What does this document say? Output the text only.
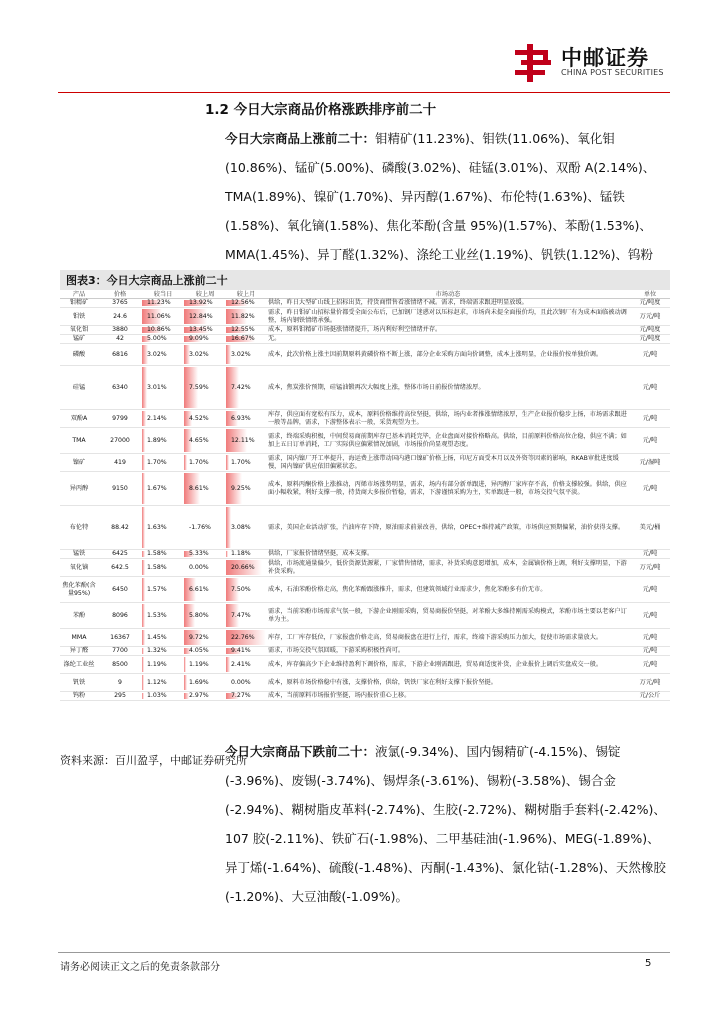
中邮证券
CHINA POST SECURITIES
1.2 今日大宗商品价格涨跌排序前二十
今日大宗商品上涨前二十：钼精矿(11.23%)、钼铁(11.06%)、氧化钼(10.86%)、锰矿(5.00%)、磷酸(3.02%)、硅锰(3.01%)、双酚 A(2.14%)、TMA(1.89%)、镍矿(1.70%)、异丙醇(1.67%)、布伦特(1.63%)、锰铁(1.58%)、氧化镝(1.58%)、焦化苯酚(含量 95%)(1.57%)、苯酚(1.53%)、MMA(1.45%)、异丁醛(1.32%)、涤纶工业丝(1.19%)、钒铁(1.12%)、钨粉
图表3：今日大宗商品上涨前二十
产品	价格	较当日	较上周	较上月	市场动态	单位
钼精矿	3765	11.23%	13.92%	12.56%	供给，昨日大型矿山线上招标出货，持货商惜售看涨情绪不减。需求，终端需求跟进明显放缓。	元/吨度
钼铁	24.6	11.06%	12.84%	11.82%	需求，昨日钼矿山招标量价都受全面公布后，已加钢厂迷惑对以压标赵求，市场尚未提全面报价均，且此次钢厂有为成本面临被动调整，场内钢铁情绪承强。	万元/吨
氧化钼	3880	10.86%	13.45%	12.55%	成本，原料钼精矿市场挺涨情绪提升，场内利好利空情绪并存。	元/吨度
锰矿	42	5.00%	9.09%	16.67%	无。	元/吨度
磷酸	6816	3.02%	3.02%	3.02%	成本，此次价格上涨主因前期原料黄磷价格不断上涨，部分企业采购方面向价调整，成本上涨明显，企业报价按单独价调。	元/吨
硅锰	6340	3.01%	7.59%	7.42%	成本，焦炭涨价预期，硅锰油锻再次大幅度上涨，整体市场日前报价情绪浓厚。	元/吨
双酚A	9799	2.14%	4.52%	6.93%	库存，供应面有宽松有压力，成本，原料价格维持高位坚挺，供给，场内业者推涨情绪浓厚，生产企业报价稳步上扬，市场需求跟进一般等品牌，需求，下游整体表示一般，采货观望为主。	元/吨
TMA	27000	1.89%	4.65%	12.11%	需求，终端采购积极，中间贸易商前期库存已基本消耗完毕，企业盘面对接价格略高。供给，目前原料价格高位企稳，供应不满；如加上五日订单消耗，工厂实际供应偏紧情况加剧，市场报价尚显观望态度。	元/吨
镍矿	419	1.70%	1.70%	1.70%	需求，国内镍厂开工率提升，海运费上涨带动国内港口镍矿价格上扬，印尼方面受本月以及外资等因素的影响，RKAB审批进度缓慢，国内镍矿供应依旧偏紧状态。	元/湿吨
异丙醇	9150	1.67%	8.61%	9.25%	成本，原料丙酮价格上涨推动，丙烯市场涨势明显，需求，场内有部分新单跟进，异丙醇厂家库存不高，价格支撑较强。供给，供应面小幅收紧，利好支撑一般，持货商大多报价暂稳，需求，下游谨慎采购为主，实单跟进一般，市场交投气氛平淡。	元/吨
布伦特	88.42	1.63%	-1.76%	3.08%	需求，美国企业活动扩张，汽油库存下降，原油需求前景改善，供给，OPEC+维持减产政策，市场供应预期偏紧，油价获得支撑。	美元/桶
锰铁	6425	1.58%	5.33%	1.18%	供给，厂家报价情绪坚挺，成本支撑。	元/吨
氧化镝	642.5	1.58%	0.00%	20.66%	供给，市场流通量偏少，低价货源货源紧，厂家惜售情绪，需求，补货采购意愿增加，成本，金属镝价格上调，利好支撑明显，下游补货采购。	万元/吨
焦化苯酚(含量95%)	6450	1.57%	6.61%	7.50%	成本，石油苯酚价格走高，焦化苯酚跟涨推升，需求，但建筑领域行业需求少，焦化苯酚多有价无市。	元/吨
苯酚	8096	1.53%	5.80%	7.47%	需求，当前苯酚市场需求气氛一般，下游企业刚需采购，贸易商报价坚挺，对苯酚大多维持刚需采购模式，苯酚市场主要以老客户订单为主。	元/吨
MMA	16367	1.45%	9.72%	22.76%	库存，工厂库存低位，厂家报盘价格走高，贸易商报盘在进行上行，需求，终端下游采购压力加大，促使市场需求量放大。	元/吨
异丁醛	7700	1.32%	4.05%	9.41%	需求，市场交投气氛回暖，下游采购积极性尚可。	元/吨
涤纶工业丝	8500	1.19%	1.19%	2.41%	成本，库存偏高少下企业维持盈利下调价格，需求，下游企业刚需跟进，贸易商适度补货，企业报价上调后实盘成交一般。	元/吨
钒铁	9	1.12%	1.69%	0.00%	成本，原料市场价格稳中有涨，支撑价格，供给，钒铁厂家在利好支撑下报价坚挺。	万元/吨
钨粉	295	1.03%	2.97%	7.27%	成本，当前原料市场报价坚挺，场内报价重心上移。	元/公斤
资料来源：百川盈孚，中邮证券研究所
今日大宗商品下跌前二十：液氯(-9.34%)、国内锡精矿(-4.15%)、锡锭(-3.96%)、废锡(-3.74%)、锡焊条(-3.61%)、锡粉(-3.58%)、锡合金(-2.94%)、糊树脂皮革料(-2.74%)、生胶(-2.72%)、糊树脂手套料(-2.42%)、107 胶(-2.11%)、铁矿石(-1.98%)、二甲基硅油(-1.96%)、MEG(-1.89%)、异丁烯(-1.64%)、硫酸(-1.48%)、丙酮(-1.43%)、氯化钴(-1.28%)、天然橡胶(-1.20%)、大豆油酸(-1.09%)。
请务必阅读正文之后的免责条款部分	5
